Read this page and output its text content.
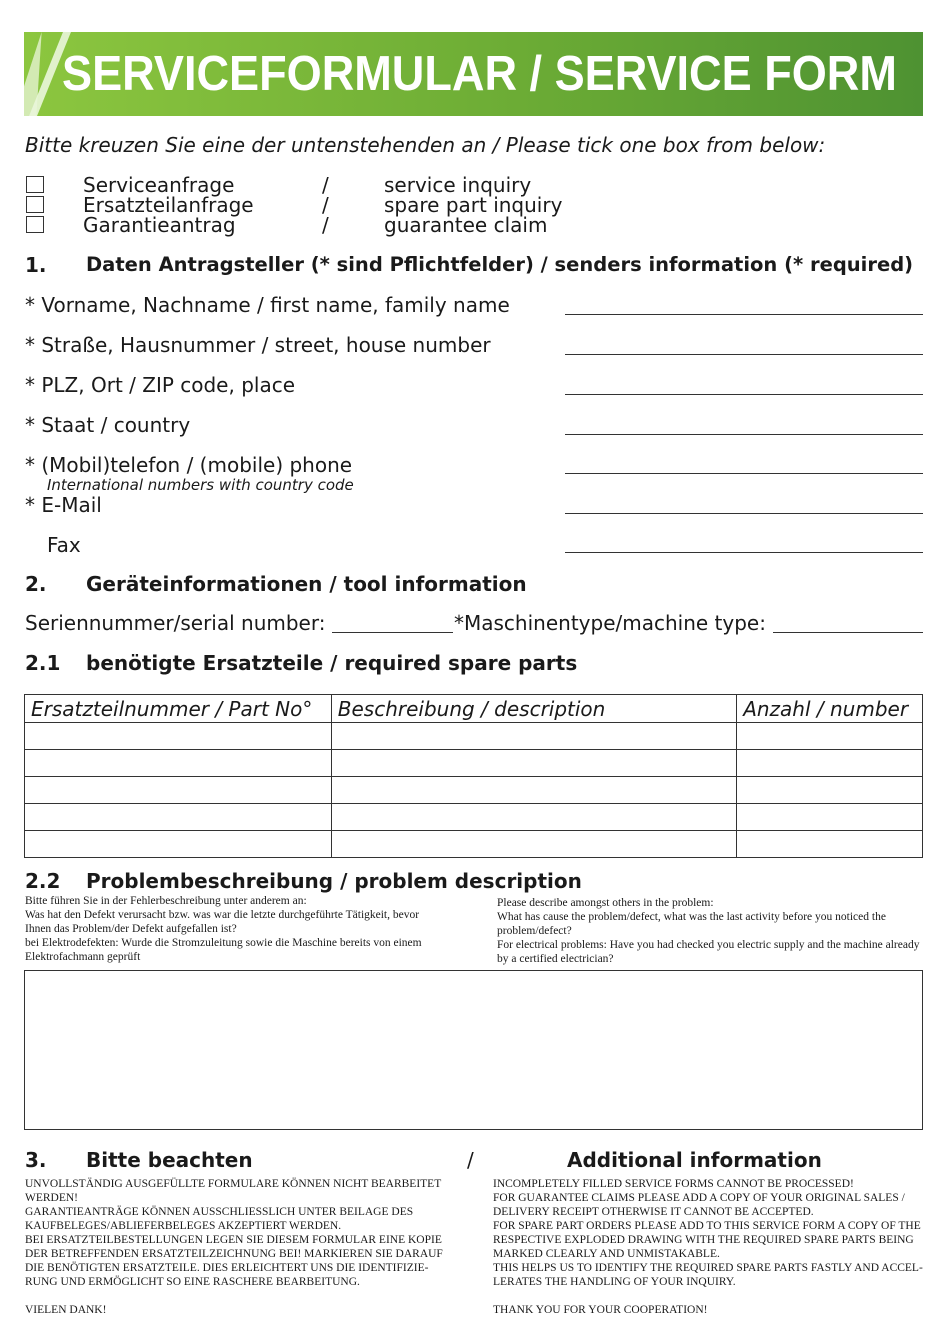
SERVICEFORMULAR / SERVICE FORM
Bitte kreuzen Sie eine der untenstehenden an / Please tick one box from below:
Serviceanfrage	/	service inquiry
Ersatzteilanfrage	/	spare part inquiry
Garantieantrag	/	guarantee claim
1. Daten Antragsteller (* sind Pflichtfelder) / senders information (* required)
* Vorname, Nachname / first name, family name
* Straße, Hausnummer / street, house number
* PLZ, Ort / ZIP code, place
* Staat / country
* (Mobil)telefon / (mobile) phone
International numbers with country code
* E-Mail
Fax
2. Geräteinformationen / tool information
Seriennummer/serial number:	*Maschinentype/machine type:
2.1 benötigte Ersatzteile / required spare parts
Ersatzteilnummer / Part No°	Beschreibung / description	Anzahl / number

2.2 Problembeschreibung / problem description
Bitte führen Sie in der Fehlerbeschreibung unter anderem an:
Was hat den Defekt verursacht bzw. was war die letzte durchgeführte Tätigkeit, bevor
Ihnen das Problem/der Defekt aufgefallen ist?
bei Elektrodefekten: Wurde die Stromzuleitung sowie die Maschine bereits von einem
Elektrofachmann geprüft
Please describe amongst others in the problem:
What has cause the problem/defect, what was the last activity before you noticed the
problem/defect?
For electrical problems: Have you had checked you electric supply and the machine already
by a certified electrician?
3. Bitte beachten	/	Additional information
UNVOLLSTÄNDIG AUSGEFÜLLTE FORMULARE KÖNNEN NICHT BEARBEITET
WERDEN!
GARANTIEANTRÄGE KÖNNEN AUSSCHLIESSLICH UNTER BEILAGE DES
KAUFBELEGES/ABLIEFERBELEGES AKZEPTIERT WERDEN.
BEI ERSATZTEILBESTELLUNGEN LEGEN SIE DIESEM FORMULAR EINE KOPIE
DER BETREFFENDEN ERSATZTEILZEICHNUNG BEI! MARKIEREN SIE DARAUF
DIE BENÖTIGTEN ERSATZTEILE. DIES ERLEICHTERT UNS DIE IDENTIFIZIE-
RUNG UND ERMÖGLICHT SO EINE RASCHERE BEARBEITUNG.
VIELEN DANK!
INCOMPLETELY FILLED SERVICE FORMS CANNOT BE PROCESSED!
FOR GUARANTEE CLAIMS PLEASE ADD A COPY OF YOUR ORIGINAL SALES /
DELIVERY RECEIPT OTHERWISE IT CANNOT BE ACCEPTED.
FOR SPARE PART ORDERS PLEASE ADD TO THIS SERVICE FORM A COPY OF THE
RESPECTIVE EXPLODED DRAWING WITH THE REQUIRED SPARE PARTS BEING
MARKED CLEARLY AND UNMISTAKABLE.
THIS HELPS US TO IDENTIFY THE REQUIRED SPARE PARTS FASTLY AND ACCEL-
LERATES THE HANDLING OF YOUR INQUIRY.
THANK YOU FOR YOUR COOPERATION!
